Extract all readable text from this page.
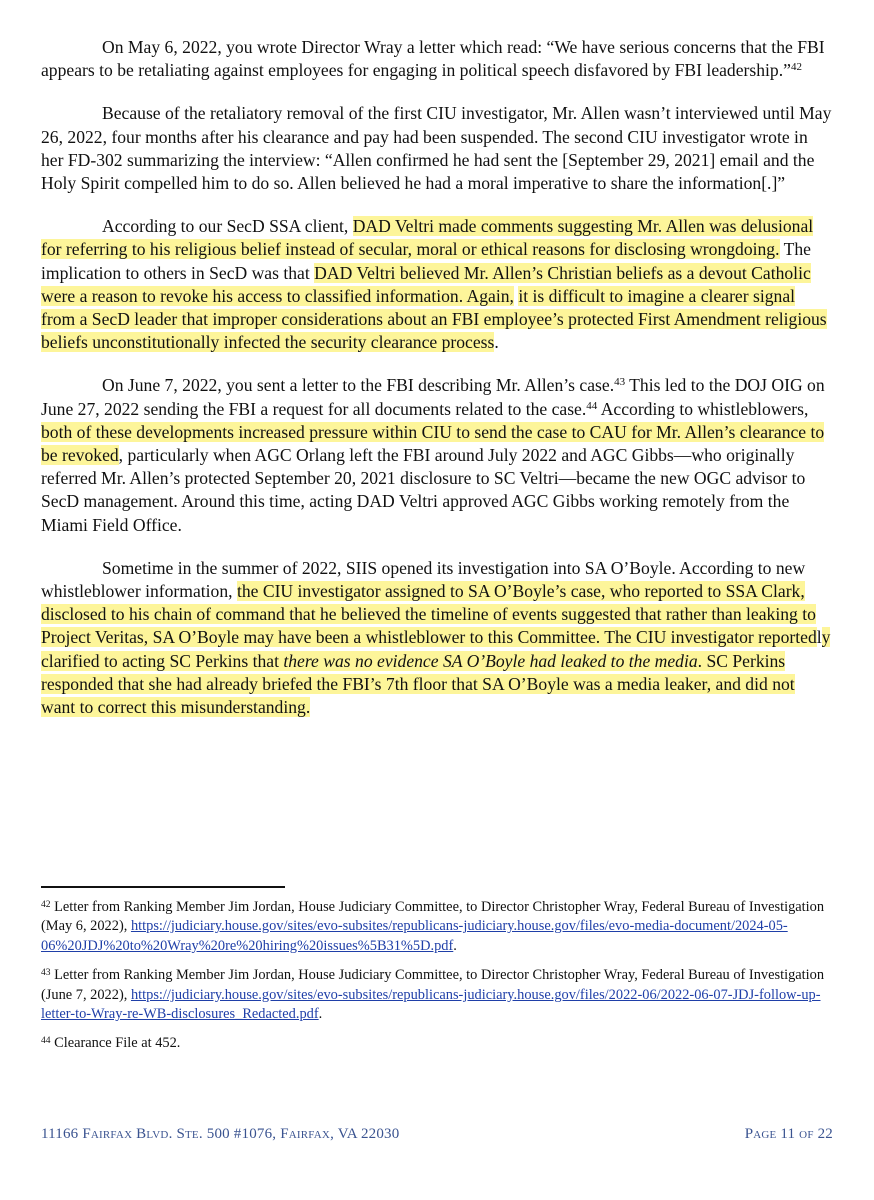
On May 6, 2022, you wrote Director Wray a letter which read: “We have serious concerns that the FBI appears to be retaliating against employees for engaging in political speech disfavored by FBI leadership.”$^{42}$

Because of the retaliatory removal of the first CIU investigator, Mr. Allen wasn’t interviewed until May 26, 2022, four months after his clearance and pay had been suspended. The second CIU investigator wrote in her FD-302 summarizing the interview: “Allen confirmed he had sent the [September 29, 2021] email and the Holy Spirit compelled him to do so. Allen believed he had a moral imperative to share the information[.]”

According to our SecD SSA client, DAD Veltri made comments suggesting Mr. Allen was delusional for referring to his religious belief instead of secular, moral or ethical reasons for disclosing wrongdoing. The implication to others in SecD was that DAD Veltri believed Mr. Allen’s Christian beliefs as a devout Catholic were a reason to revoke his access to classified information. Again, it is difficult to imagine a clearer signal from a SecD leader that improper considerations about an FBI employee’s protected First Amendment religious beliefs unconstitutionally infected the security clearance process.

On June 7, 2022, you sent a letter to the FBI describing Mr. Allen’s case.$^{43}$ This led to the DOJ OIG on June 27, 2022 sending the FBI a request for all documents related to the case.$^{44}$ According to whistleblowers, both of these developments increased pressure within CIU to send the case to CAU for Mr. Allen’s clearance to be revoked, particularly when AGC Orlang left the FBI around July 2022 and AGC Gibbs—who originally referred Mr. Allen’s protected September 20, 2021 disclosure to SC Veltri—became the new OGC advisor to SecD management. Around this time, acting DAD Veltri approved AGC Gibbs working remotely from the Miami Field Office.

Sometime in the summer of 2022, SIIS opened its investigation into SA O’Boyle. According to new whistleblower information, the CIU investigator assigned to SA O’Boyle’s case, who reported to SSA Clark, disclosed to his chain of command that he believed the timeline of events suggested that rather than leaking to Project Veritas, SA O’Boyle may have been a whistleblower to this Committee. The CIU investigator reportedly clarified to acting SC Perkins that there was no evidence SA O’Boyle had leaked to the media. SC Perkins responded that she had already briefed the FBI’s 7th floor that SA O’Boyle was a media leaker, and did not want to correct this misunderstanding.

$^{42}$ Letter from Ranking Member Jim Jordan, House Judiciary Committee, to Director Christopher Wray, Federal Bureau of Investigation (May 6, 2022), https://judiciary.house.gov/sites/evo-subsites/republicans-judiciary.house.gov/files/evo-media-document/2024-05-06%20JDJ%20to%20Wray%20re%20hiring%20issues%5B31%5D.pdf.

$^{43}$ Letter from Ranking Member Jim Jordan, House Judiciary Committee, to Director Christopher Wray, Federal Bureau of Investigation (June 7, 2022), https://judiciary.house.gov/sites/evo-subsites/republicans-judiciary.house.gov/files/2022-06/2022-06-07-JDJ-follow-up-letter-to-Wray-re-WB-disclosures_Redacted.pdf.

$^{44}$ Clearance File at 452.

11166 Fairfax Blvd. Ste. 500 #1076, Fairfax, VA 22030	Page 11 of 22
